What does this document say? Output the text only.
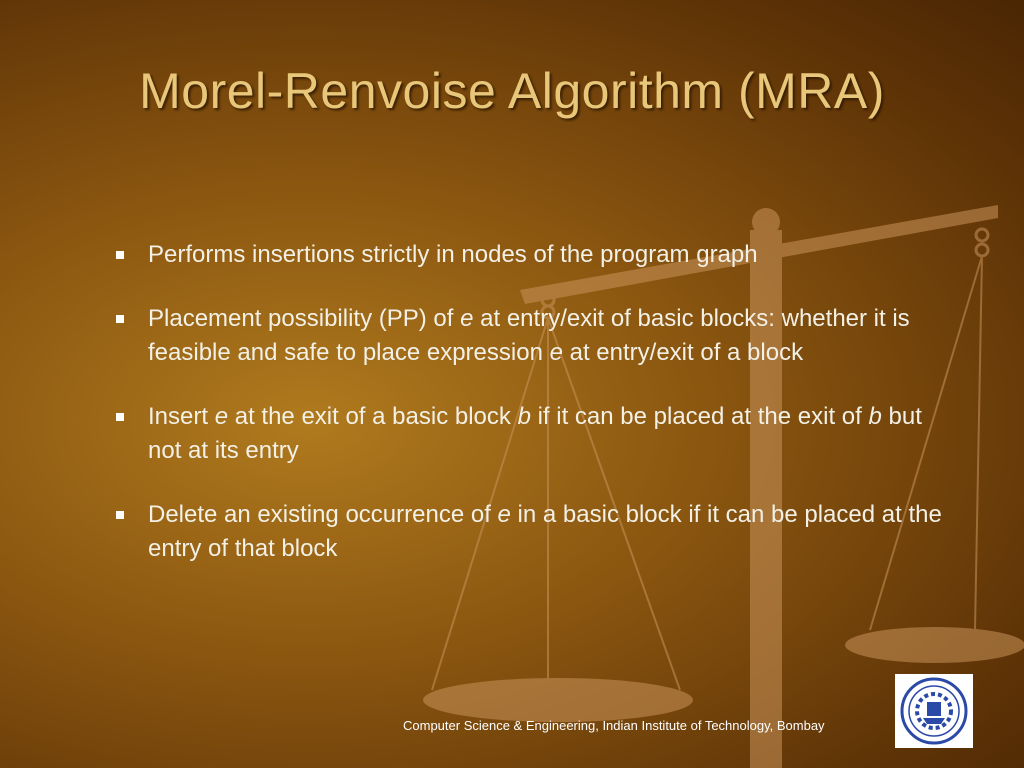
Morel-Renvoise Algorithm (MRA)
Performs insertions strictly in nodes of the program graph
Placement possibility (PP) of e at entry/exit of basic blocks: whether it is feasible and safe to place expression e at entry/exit of a block
Insert e at the exit of a basic block b if it can be placed at the exit of b but not at its entry
Delete an existing occurrence of e in a basic block if it can be placed at the entry of that block
Computer Science & Engineering, Indian Institute of Technology, Bombay
